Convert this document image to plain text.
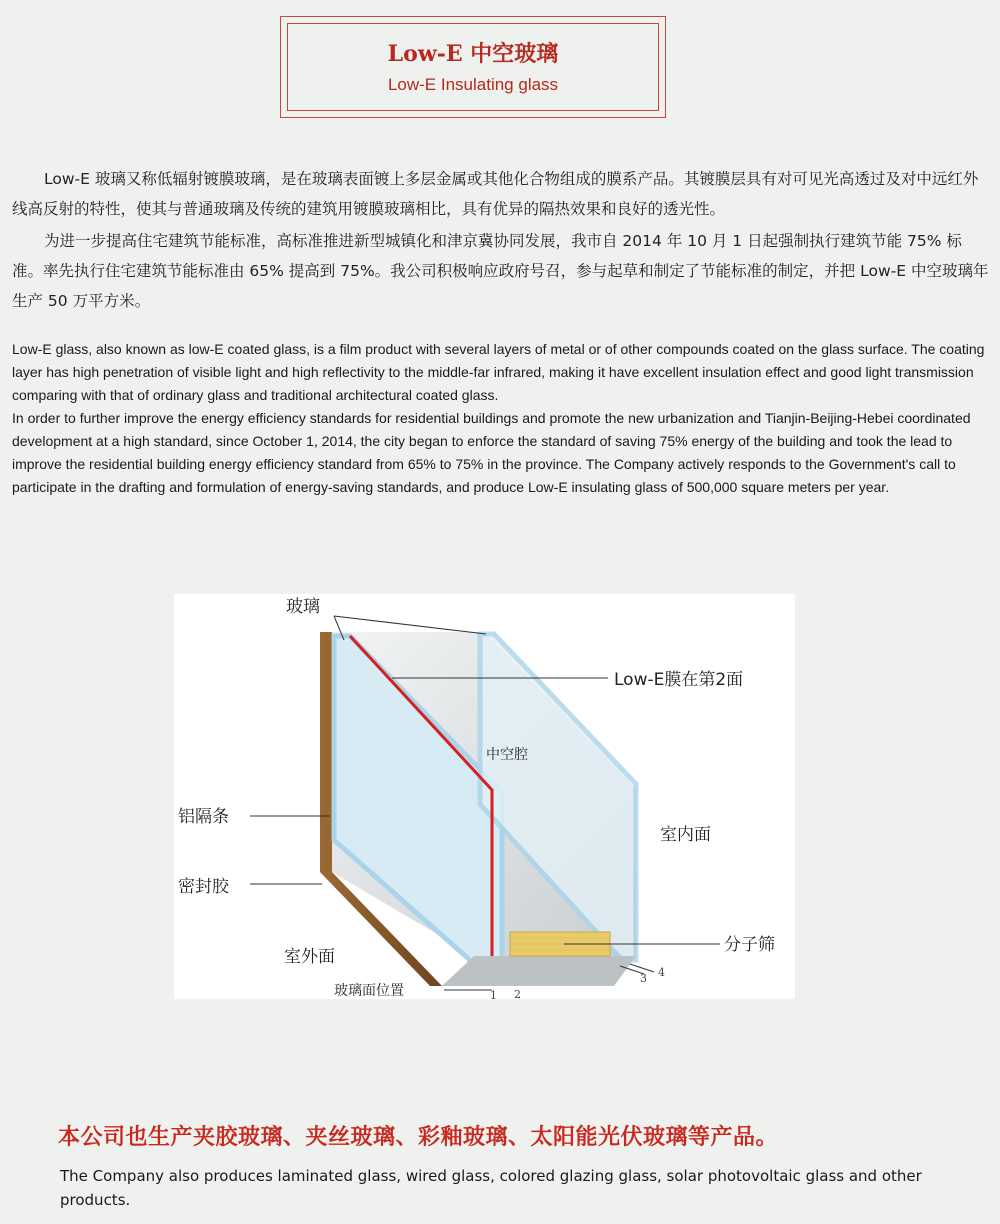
Low-E 中空玻璃
Low-E Insulating glass

Low-E 玻璃又称低辐射镀膜玻璃，是在玻璃表面镀上多层金属或其他化合物组成的膜系产品。其镀膜层具有对可见光高透过及对中远红外线高反射的特性，使其与普通玻璃及传统的建筑用镀膜玻璃相比，具有优异的隔热效果和良好的透光性。

为进一步提高住宅建筑节能标准，高标准推进新型城镇化和津京冀协同发展，我市自 2014 年 10 月 1 日起强制执行建筑节能 75% 标准。率先执行住宅建筑节能标准由 65% 提高到 75%。我公司积极响应政府号召，参与起草和制定了节能标准的制定，并把 Low-E 中空玻璃年生产 50 万平方米。

Low-E glass, also known as low-E coated glass, is a film product with several layers of metal or of other compounds coated on the glass surface. The coating layer has high penetration of visible light and high reflectivity to the middle-far infrared, making it have excellent insulation effect and good light transmission comparing with that of ordinary glass and traditional architectural coated glass.

In order to further improve the energy efficiency standards for residential buildings and promote the new urbanization and Tianjin-Beijing-Hebei coordinated development at a high standard, since October 1, 2014, the city began to enforce the standard of saving 75% energy of the building and took the lead to improve the residential building energy efficiency standard from 65% to 75% in the province. The Company actively responds to the Government's call to participate in the drafting and formulation of energy-saving standards, and produce Low-E insulating glass of 500,000 square meters per year.

玻璃
Low-E膜在第2面
中空腔
铝隔条
密封胶
室内面
室外面
分子筛
玻璃面位置	1 2
3 4

本公司也生产夹胶玻璃、夹丝玻璃、彩釉玻璃、太阳能光伏玻璃等产品。

The Company also produces laminated glass, wired glass, colored glazing glass, solar photovoltaic glass and other products.
